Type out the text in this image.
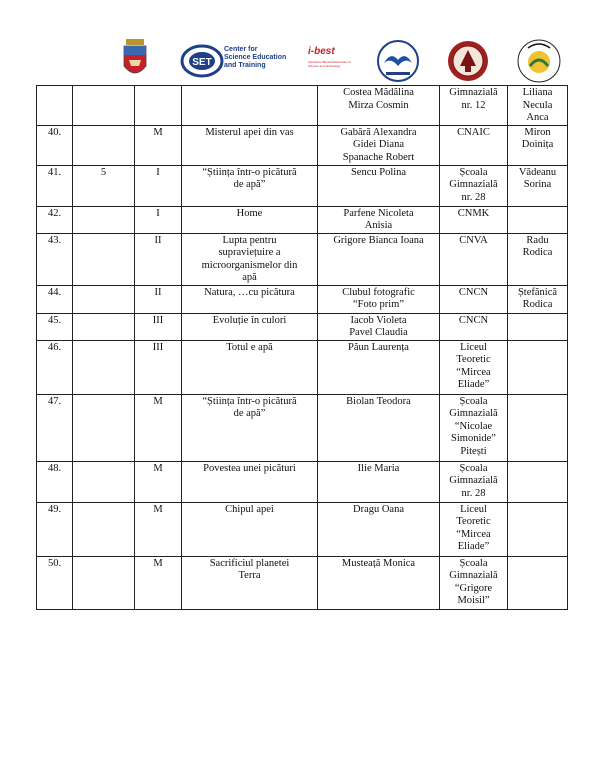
SET
Center for
Science Education
and Training
i-best
Interactive Blended Education in Science and Technology

				Costea Mădălina
Mirza Cosmin	Gimnazială
nr. 12	Liliana
Necula
Anca

40.		M	Misterul apei din vas	Gabără Alexandra
Gidei Diana
Spanache Robert	CNAIC	Miron
Doinița

41.	5	I	“Știința într-o picătură
de apă”	Sencu Polina	Școala
Gimnazială
nr. 28	Vădeanu
Sorina

42.		I	Home	Parfene Nicoleta
Anisia	CNMK	

43.		II	Lupta pentru
supraviețuire a
microorganismelor din
apă	Grigore Bianca Ioana	CNVA	Radu
Rodica

44.		II	Natura, …cu picătura	Clubul fotografic
“Foto prim”	CNCN	Ștefănică
Rodica

45.		III	Evoluție în culori	Iacob Violeta
Pavel Claudia	CNCN	

46.		III	Totul e apă	Păun Laurența	Liceul
Teoretic
“Mircea
Eliade”	

47.		M	“Știința într-o picătură
de apă”	Biolan Teodora	Școala
Gimnazială
“Nicolae
Simonide”
Pitești	

48.		M	Povestea unei picături	Ilie Maria	Școala
Gimnazială
nr. 28	

49.		M	Chipul apei	Dragu Oana	Liceul
Teoretic
“Mircea
Eliade”	

50.		M	Sacrificiul planetei
Terra	Musteață Monica	Școala
Gimnazială
“Grigore
Moisil”	
